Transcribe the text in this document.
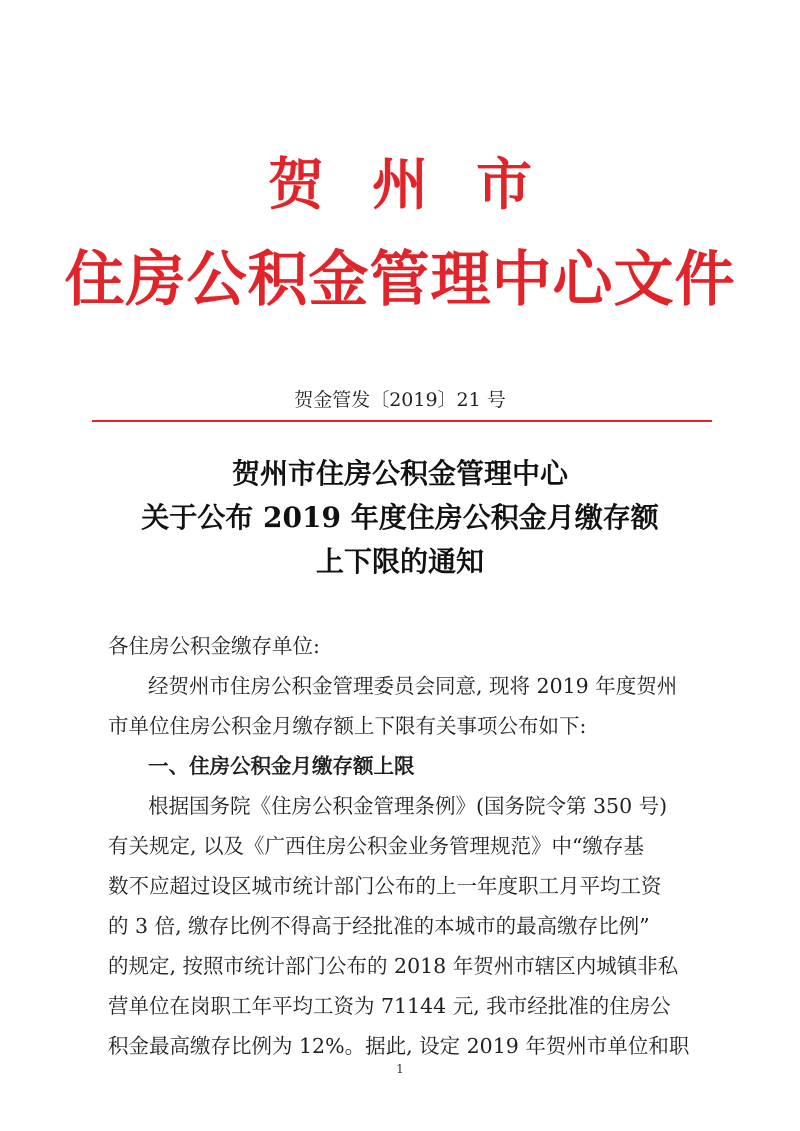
贺州市
住房公积金管理中心文件
贺金管发〔2019〕21 号
贺州市住房公积金管理中心
关于公布 2019 年度住房公积金月缴存额
上下限的通知

各住房公积金缴存单位:

经贺州市住房公积金管理委员会同意, 现将 2019 年度贺州

市单位住房公积金月缴存额上下限有关事项公布如下:

一、住房公积金月缴存额上限

根据国务院《住房公积金管理条例》(国务院令第 350 号)

有关规定, 以及《广西住房公积金业务管理规范》中“缴存基

数不应超过设区城市统计部门公布的上一年度职工月平均工资

的 3 倍, 缴存比例不得高于经批准的本城市的最高缴存比例”

的规定, 按照市统计部门公布的 2018 年贺州市辖区内城镇非私

营单位在岗职工年平均工资为 71144 元, 我市经批准的住房公

积金最高缴存比例为 12%。据此, 设定 2019 年贺州市单位和职

1
